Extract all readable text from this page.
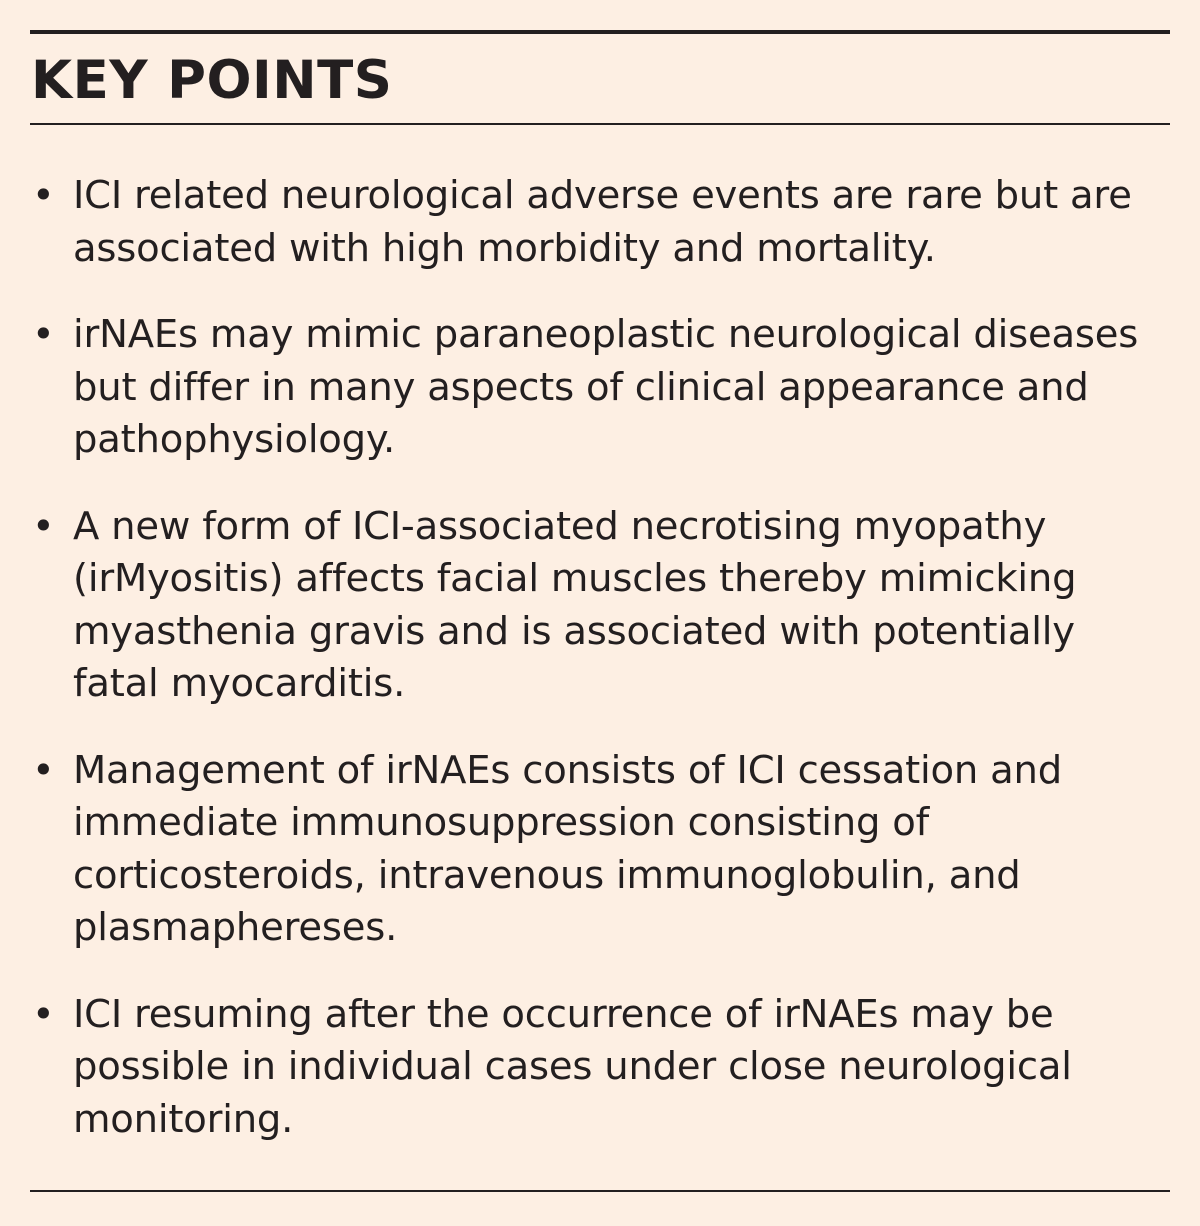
KEY POINTS
• ICI related neurological adverse events are rare but are associated with high morbidity and mortality.
• irNAEs may mimic paraneoplastic neurological diseases but differ in many aspects of clinical appearance and pathophysiology.
• A new form of ICI-associated necrotising myopathy (irMyositis) affects facial muscles thereby mimicking myasthenia gravis and is associated with potentially fatal myocarditis.
• Management of irNAEs consists of ICI cessation and immediate immunosuppression consisting of corticosteroids, intravenous immunoglobulin, and plasmaphereses.
• ICI resuming after the occurrence of irNAEs may be possible in individual cases under close neurological monitoring.
